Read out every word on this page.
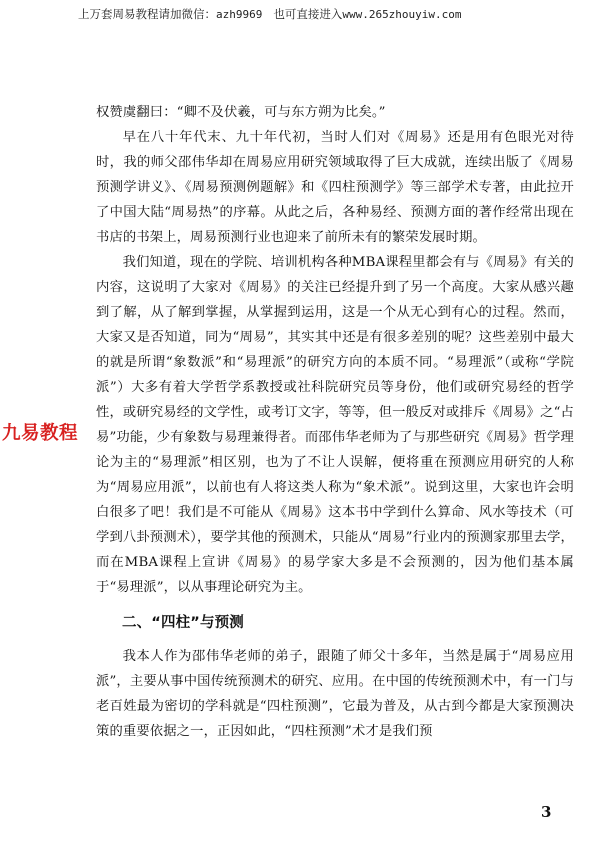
上万套周易教程请加微信：azh9969   也可直接进入www.265zhouyiw.com

权赞虞翻曰：“卿不及伏羲，可与东方朔为比矣。”

早在八十年代末、九十年代初，当时人们对《周易》还是用有色眼光对待时，我的师父邵伟华却在周易应用研究领域取得了巨大成就，连续出版了《周易预测学讲义》、《周易预测例题解》和《四柱预测学》等三部学术专著，由此拉开了中国大陆“周易热”的序幕。从此之后，各种易经、预测方面的著作经常出现在书店的书架上，周易预测行业也迎来了前所未有的繁荣发展时期。

我们知道，现在的学院、培训机构各种MBA课程里都会有与《周易》有关的内容，这说明了大家对《周易》的关注已经提升到了另一个高度。大家从感兴趣到了解，从了解到掌握，从掌握到运用，这是一个从无心到有心的过程。然而，大家又是否知道，同为“周易”，其实其中还是有很多差别的呢？这些差别中最大的就是所谓“象数派”和“易理派”的研究方向的本质不同。“易理派”（或称“学院派”）大多有着大学哲学系教授或社科院研究员等身份，他们或研究易经的哲学性，或研究易经的文学性，或考订文字，等等，但一般反对或排斥《周易》之“占易”功能，少有象数与易理兼得者。而邵伟华老师为了与那些研究《周易》哲学理论为主的“易理派”相区别，也为了不让人误解，便将重在预测应用研究的人称为“周易应用派”，以前也有人将这类人称为“象术派”。说到这里，大家也许会明白很多了吧！我们是不可能从《周易》这本书中学到什么算命、风水等技术（可学到八卦预测术），要学其他的预测术，只能从“周易”行业内的预测家那里去学，而在MBA课程上宣讲《周易》的易学家大多是不会预测的，因为他们基本属于“易理派”，以从事理论研究为主。

二、“四柱”与预测

我本人作为邵伟华老师的弟子，跟随了师父十多年，当然是属于“周易应用派”，主要从事中国传统预测术的研究、应用。在中国的传统预测术中，有一门与老百姓最为密切的学科就是“四柱预测”，它最为普及，从古到今都是大家预测决策的重要依据之一，正因如此，“四柱预测”术才是我们预

九易教程
3
